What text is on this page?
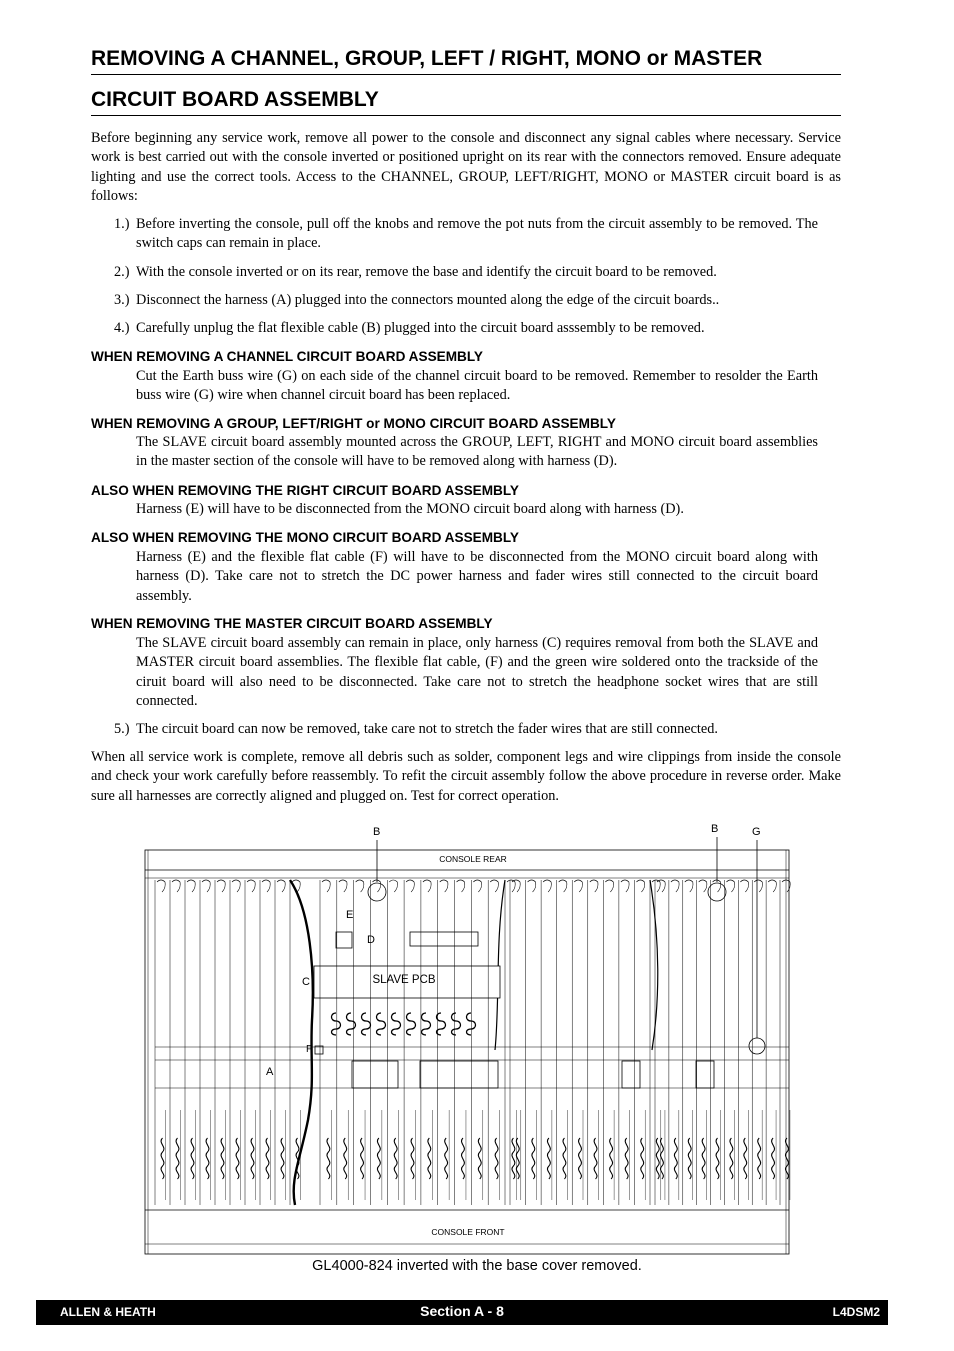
REMOVING A CHANNEL, GROUP, LEFT / RIGHT, MONO or MASTER
CIRCUIT BOARD ASSEMBLY

Before beginning any service work, remove all power to the console and disconnect any signal cables where necessary. Service work is best carried out with the console inverted or positioned upright on its rear with the connectors removed. Ensure adequate lighting and use the correct tools. Access to the CHANNEL, GROUP, LEFT/RIGHT, MONO or MASTER circuit board is as follows:

1.) Before inverting the console, pull off the knobs and remove the pot nuts from the circuit assembly to be removed. The switch caps can remain in place.
2.) With the console inverted or on its rear, remove the base and identify the circuit board to be removed.
3.) Disconnect the harness (A) plugged into the connectors mounted along the edge of the circuit boards..
4.) Carefully unplug the flat flexible cable (B) plugged into the circuit board asssembly to be removed.
WHEN REMOVING A CHANNEL CIRCUIT BOARD ASSEMBLY

Cut the Earth buss wire (G) on each side of the channel circuit board to be removed. Remember to resolder the Earth buss wire (G) wire when channel circuit board has been replaced.

WHEN REMOVING A GROUP, LEFT/RIGHT or MONO CIRCUIT BOARD ASSEMBLY

The SLAVE circuit board assembly mounted across the GROUP, LEFT, RIGHT and MONO circuit board assemblies in the master section of the console will have to be removed along with harness (D).

ALSO WHEN REMOVING THE RIGHT CIRCUIT BOARD ASSEMBLY

Harness (E) will have to be disconnected from the MONO circuit board along with harness (D).

ALSO WHEN REMOVING THE MONO CIRCUIT BOARD ASSEMBLY

Harness (E) and the flexible flat cable (F) will have to be disconnected from the MONO circuit board along with harness (D). Take care not to stretch the DC power harness and fader wires still connected to the circuit board assembly.

WHEN REMOVING THE MASTER CIRCUIT BOARD ASSEMBLY

The SLAVE circuit board assembly can remain in place, only harness (C) requires removal from both the SLAVE and MASTER circuit board assemblies. The flexible flat cable, (F) and the green wire soldered onto the trackside of the ciruit board will also need to be disconnected. Take care not to stretch the headphone socket wires that are still connected.

5.) The circuit board can now be removed, take care not to stretch the fader wires that are still connected.

When all service work is complete, remove all debris such as solder, component legs and wire clippings from inside the console and check your work carefully before reassembly. To refit the circuit assembly follow the above procedure in reverse order. Make sure all harnesses are correctly aligned and plugged on. Test for correct operation.

CONSOLE REAR
CONSOLE FRONT
SLAVE PCB
B	B	G
E
D
C
F
A
GL4000-824 inverted with the base cover removed.
ALLEN & HEATH	Section A - 8	L4DSM2
